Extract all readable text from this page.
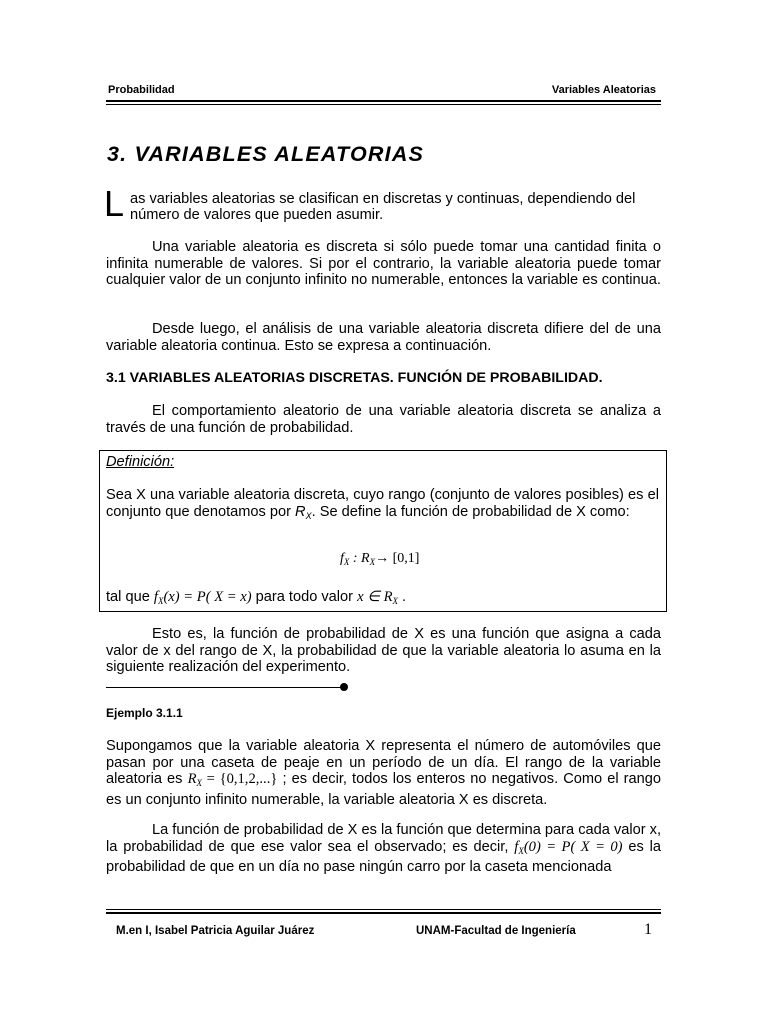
Probabilidad	Variables Aleatorias
3. VARIABLES ALEATORIAS
L as variables aleatorias se clasifican en discretas y continuas, dependiendo del
número de valores que pueden asumir.

Una variable aleatoria es discreta si sólo puede tomar una cantidad finita o infinita numerable de valores. Si por el contrario, la variable aleatoria puede tomar cualquier valor de un conjunto infinito no numerable, entonces la variable es continua.

Desde luego, el análisis de una variable aleatoria discreta difiere del de una variable aleatoria continua. Esto se expresa a continuación.

3.1 VARIABLES ALEATORIAS DISCRETAS. FUNCIÓN DE PROBABILIDAD.

El comportamiento aleatorio de una variable aleatoria discreta se analiza a través de una función de probabilidad.

Definición:
Sea X una variable aleatoria discreta, cuyo rango (conjunto de valores posibles) es el conjunto que denotamos por $R_X$. Se define la función de probabilidad de X como:
$f_X$ : $R_X\to [0,1]$
tal que $f_X(x) = P$( X = x) para todo valor x ∈ $R_X$ .

Esto es, la función de probabilidad de X es una función que asigna a cada valor de x del rango de X, la probabilidad de que la variable aleatoria lo asuma en la siguiente realización del experimento.

Ejemplo 3.1.1

Supongamos que la variable aleatoria X representa el número de automóviles que pasan por una caseta de peaje en un período de un día. El rango de la variable aleatoria es $R_X = \{0,1,2,...\}$ ; es decir, todos los enteros no negativos. Como el rango es un conjunto infinito numerable, la variable aleatoria X es discreta.

La función de probabilidad de X es la función que determina para cada valor x, la probabilidad de que ese valor sea el observado; es decir, $f_X(0) = P$( X = 0) es la probabilidad de que en un día no pase ningún carro por la caseta mencionada

M.en I, Isabel Patricia Aguilar Juárez	UNAM-Facultad de Ingeniería	1
